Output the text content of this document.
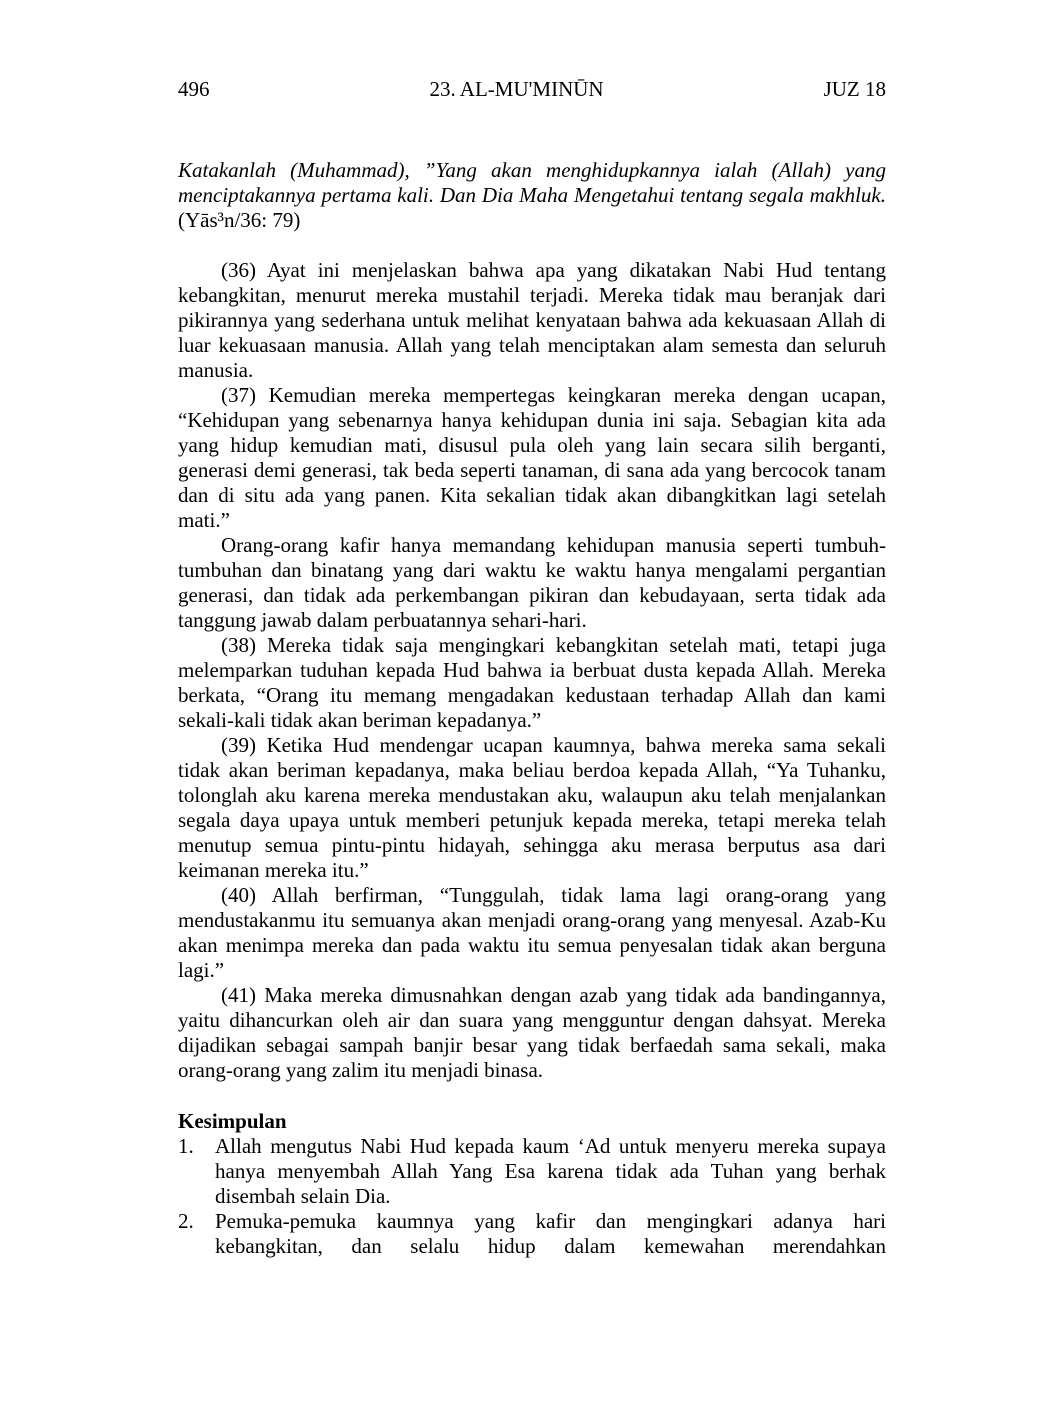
496	23. AL-MU'MINŪN	JUZ 18
Katakanlah (Muhammad), ”Yang akan menghidupkannya ialah (Allah) yang menciptakannya pertama kali. Dan Dia Maha Mengetahui tentang segala makhluk. (Yās³n/36: 79)

(36) Ayat ini menjelaskan bahwa apa yang dikatakan Nabi Hud tentang kebangkitan, menurut mereka mustahil terjadi. Mereka tidak mau beranjak dari pikirannya yang sederhana untuk melihat kenyataan bahwa ada kekuasaan Allah di luar kekuasaan manusia. Allah yang telah menciptakan alam semesta dan seluruh manusia.

(37) Kemudian mereka mempertegas keingkaran mereka dengan ucapan, “Kehidupan yang sebenarnya hanya kehidupan dunia ini saja. Sebagian kita ada yang hidup kemudian mati, disusul pula oleh yang lain secara silih berganti, generasi demi generasi, tak beda seperti tanaman, di sana ada yang bercocok tanam dan di situ ada yang panen. Kita sekalian tidak akan dibangkitkan lagi setelah mati.”

Orang-orang kafir hanya memandang kehidupan manusia seperti tumbuh-tumbuhan dan binatang yang dari waktu ke waktu hanya mengalami pergantian generasi, dan tidak ada perkembangan pikiran dan kebudayaan, serta tidak ada tanggung jawab dalam perbuatannya sehari-hari.

(38) Mereka tidak saja mengingkari kebangkitan setelah mati, tetapi juga melemparkan tuduhan kepada Hud bahwa ia berbuat dusta kepada Allah. Mereka berkata, “Orang itu memang mengadakan kedustaan terhadap Allah dan kami sekali-kali tidak akan beriman kepadanya.”

(39) Ketika Hud mendengar ucapan kaumnya, bahwa mereka sama sekali tidak akan beriman kepadanya, maka beliau berdoa kepada Allah, “Ya Tuhanku, tolonglah aku karena mereka mendustakan aku, walaupun aku telah menjalankan segala daya upaya untuk memberi petunjuk kepada mereka, tetapi mereka telah menutup semua pintu-pintu hidayah, sehingga aku merasa berputus asa dari keimanan mereka itu.”

(40) Allah berfirman, “Tunggulah, tidak lama lagi orang-orang yang mendustakanmu itu semuanya akan menjadi orang-orang yang menyesal. Azab-Ku akan menimpa mereka dan pada waktu itu semua penyesalan tidak akan berguna lagi.”

(41) Maka mereka dimusnahkan dengan azab yang tidak ada bandingannya, yaitu dihancurkan oleh air dan suara yang mengguntur dengan dahsyat. Mereka dijadikan sebagai sampah banjir besar yang tidak berfaedah sama sekali, maka orang-orang yang zalim itu menjadi binasa.

Kesimpulan
1.	Allah mengutus Nabi Hud kepada kaum ‘Ad untuk menyeru mereka supaya hanya menyembah Allah Yang Esa karena tidak ada Tuhan yang berhak disembah selain Dia.
2.	Pemuka-pemuka kaumnya yang kafir dan mengingkari adanya hari kebangkitan, dan selalu hidup dalam kemewahan merendahkan
